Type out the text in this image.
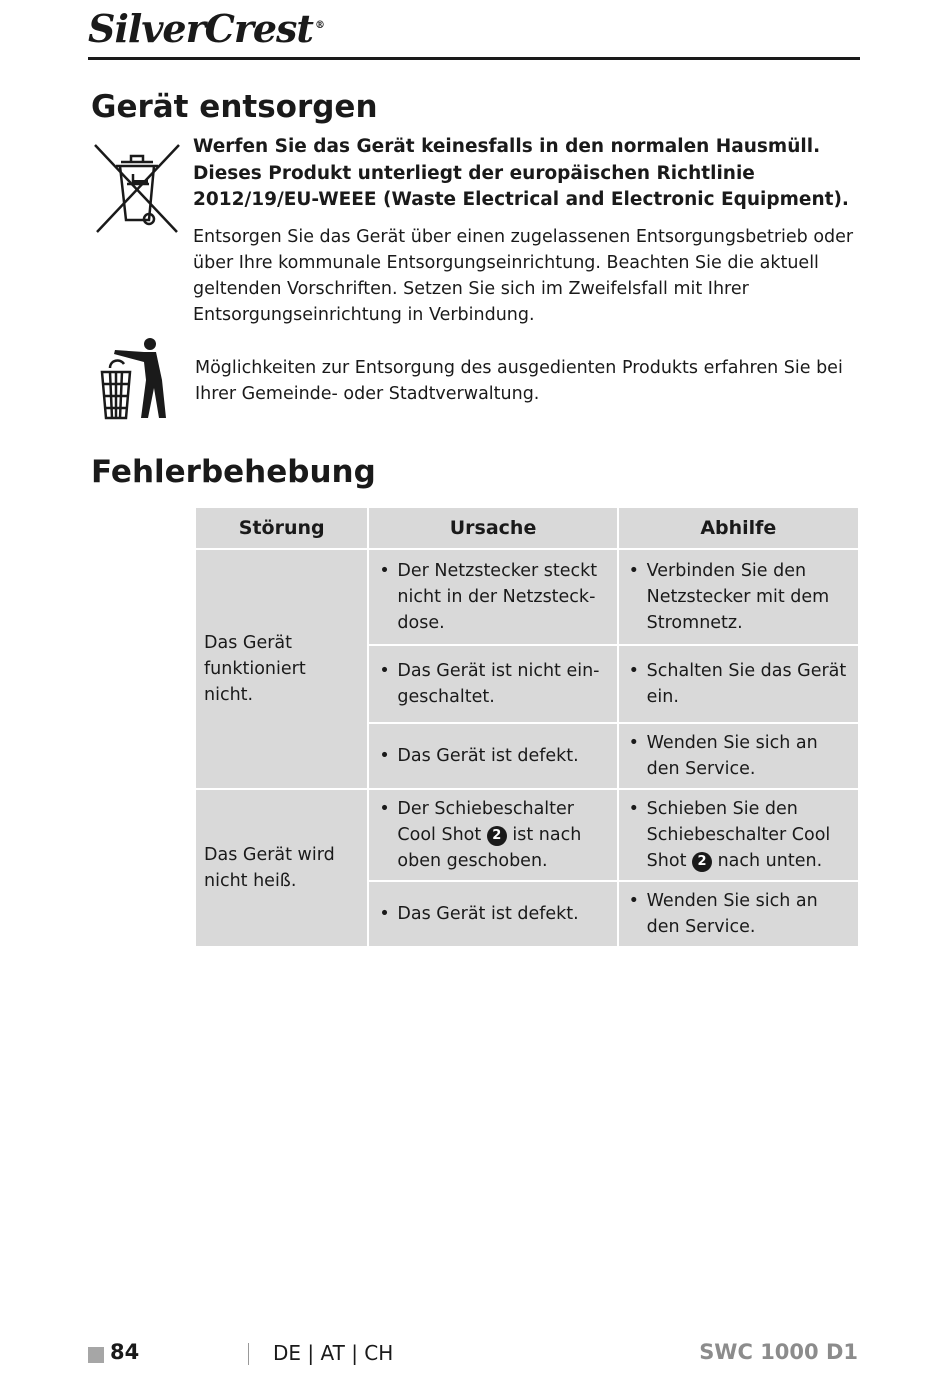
SilverCrest ®
Gerät entsorgen

Werfen Sie das Gerät keinesfalls in den normalen Hausmüll.
Dieses Produkt unterliegt der europäischen Richtlinie
2012/19/EU-WEEE (Waste Electrical and Electronic Equipment).

Entsorgen Sie das Gerät über einen zugelassenen Entsorgungsbetrieb oder über Ihre kommunale Entsorgungseinrichtung. Beachten Sie die aktuell geltenden Vorschriften. Setzen Sie sich im Zweifelsfall mit Ihrer Entsorgungseinrichtung in Verbindung.

Möglichkeiten zur Entsorgung des ausgedienten Produkts erfahren Sie bei Ihrer Gemeinde- oder Stadtverwaltung.

Fehlerbehebung
Störung	Ursache	Abhilfe
Das Gerät funktioniert nicht.	• Der Netzstecker steckt nicht in der Netzsteck-dose.	• Verbinden Sie den Netzstecker mit dem Stromnetz.

	• Das Gerät ist nicht ein-geschaltet.	• Schalten Sie das Gerät ein.

	• Das Gerät ist defekt.	• Wenden Sie sich an den Service.

Das Gerät wird nicht heiß.	• Der Schiebeschalter Cool Shot 2 ist nach oben geschoben.	• Schieben Sie den Schiebeschalter Cool Shot 2 nach unten.

	• Das Gerät ist defekt.	• Wenden Sie sich an den Service.
84	DE | AT | CH	SWC 1000 D1
